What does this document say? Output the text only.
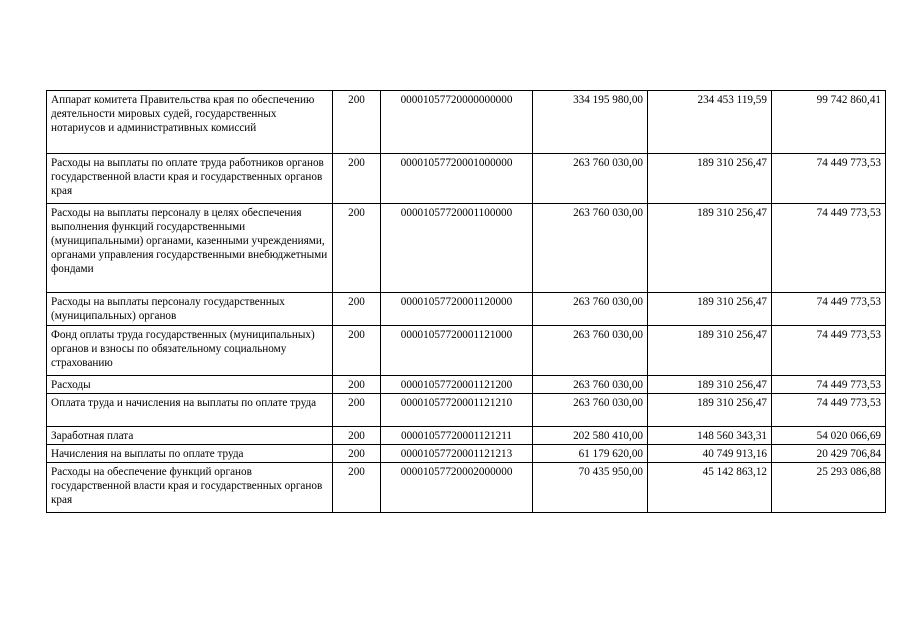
Аппарат комитета Правительства края по обеспечению деятельности мировых судей, государственных нотариусов и административных комиссий	200	00001057720000000000	334 195 980,00	234 453 119,59	99 742 860,41
Расходы на выплаты по оплате труда работников органов государственной власти края и государственных органов края	200	00001057720001000000	263 760 030,00	189 310 256,47	74 449 773,53
Расходы на выплаты персоналу в целях обеспечения выполнения функций государственными (муниципальными) органами, казенными учреждениями, органами управления государственными внебюджетными фондами	200	00001057720001100000	263 760 030,00	189 310 256,47	74 449 773,53
Расходы на выплаты персоналу государственных (муниципальных) органов	200	00001057720001120000	263 760 030,00	189 310 256,47	74 449 773,53
Фонд оплаты труда государственных (муниципальных) органов и взносы по обязательному социальному страхованию	200	00001057720001121000	263 760 030,00	189 310 256,47	74 449 773,53
Расходы	200	00001057720001121200	263 760 030,00	189 310 256,47	74 449 773,53
Оплата труда и начисления на выплаты по оплате труда	200	00001057720001121210	263 760 030,00	189 310 256,47	74 449 773,53
Заработная плата	200	00001057720001121211	202 580 410,00	148 560 343,31	54 020 066,69
Начисления на выплаты по оплате труда	200	00001057720001121213	61 179 620,00	40 749 913,16	20 429 706,84
Расходы на обеспечение функций органов государственной власти края и государственных органов края	200	00001057720002000000	70 435 950,00	45 142 863,12	25 293 086,88
